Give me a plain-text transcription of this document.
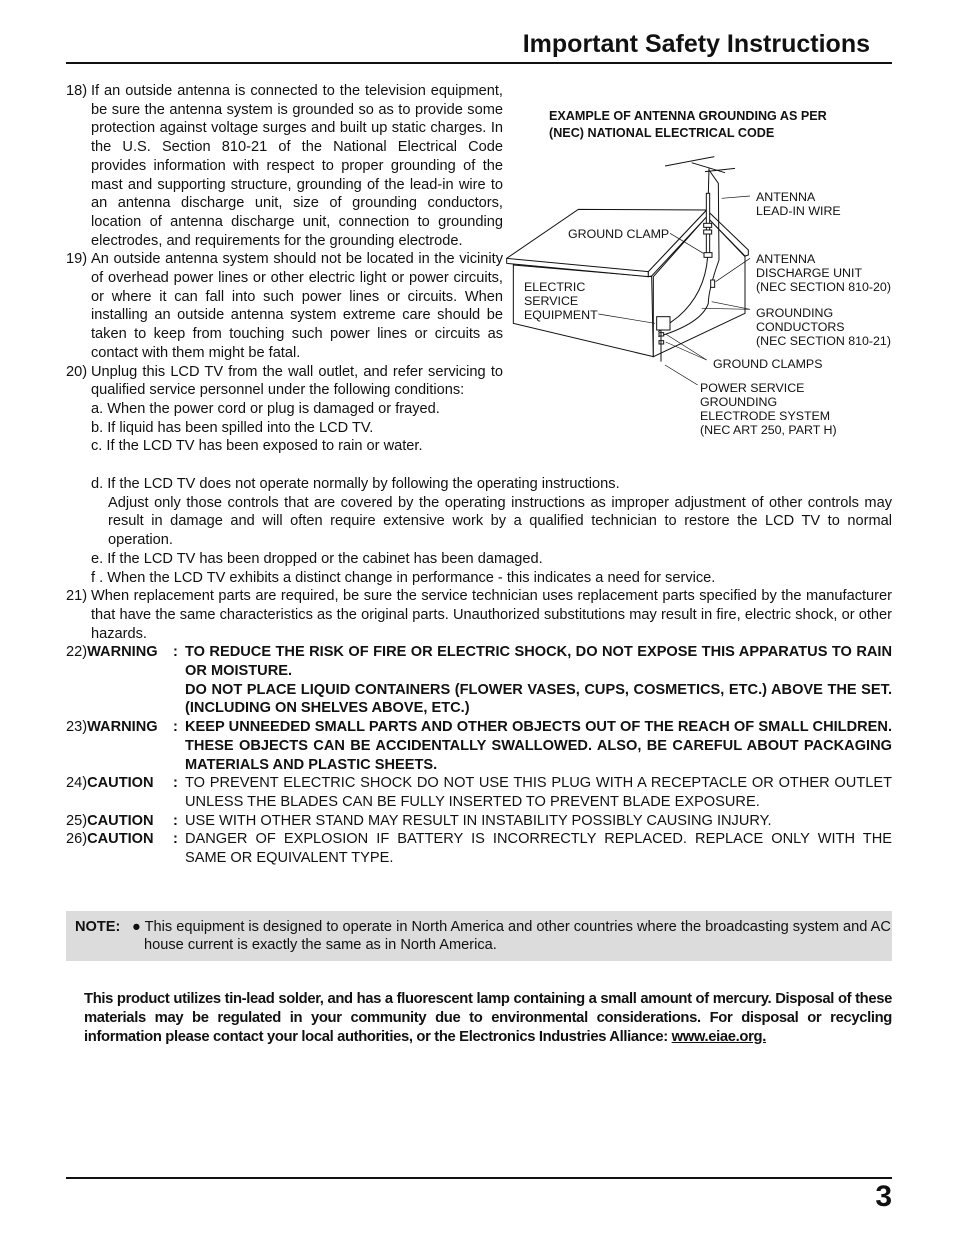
Important Safety Instructions
18) If an outside antenna is connected to the television equipment, be sure the antenna system is grounded so as to provide some protection against voltage surges and built up static charges. In the U.S. Section 810-21 of the National Electrical Code provides information with respect to proper grounding of the mast and supporting structure, grounding of the lead-in wire to an antenna discharge unit, size of grounding conductors, location of antenna discharge unit, connection to grounding electrodes, and requirements for the grounding electrode.
19) An outside antenna system should not be located in the vicinity of overhead power lines or other electric light or power circuits, or where it can fall into such power lines or circuits. When installing an outside antenna system extreme care should be taken to keep from touching such power lines or circuits as contact with them might be fatal.
20) Unplug this LCD TV from the wall outlet, and refer servicing to qualified service personnel under the following conditions:
a. When the power cord or plug is damaged or frayed.
b. If liquid has been spilled into the LCD TV.
c. If the LCD TV has been exposed to rain or water.
d. If the LCD TV does not operate normally by following the operating instructions.
Adjust only those controls that are covered by the operating instructions as improper adjustment of other controls may result in damage and will often require extensive work by a qualified technician to restore the LCD TV to normal operation.
e. If the LCD TV has been dropped or the cabinet has been damaged.
f . When the LCD TV exhibits a distinct change in performance - this indicates a need for service.
21) When replacement parts are required, be sure the service technician uses replacement parts specified by the manufacturer that have the same characteristics as the original parts. Unauthorized substitutions may result in fire, electric shock, or other hazards.
22)WARNING : TO REDUCE THE RISK OF FIRE OR ELECTRIC SHOCK, DO NOT EXPOSE THIS APPARATUS TO RAIN OR MOISTURE.
DO NOT PLACE LIQUID CONTAINERS (FLOWER VASES, CUPS, COSMETICS, ETC.) ABOVE THE SET. (INCLUDING ON SHELVES ABOVE, ETC.)
23)WARNING : KEEP UNNEEDED SMALL PARTS AND OTHER OBJECTS OUT OF THE REACH OF SMALL CHILDREN. THESE OBJECTS CAN BE ACCIDENTALLY SWALLOWED. ALSO, BE CAREFUL ABOUT PACKAGING MATERIALS AND PLASTIC SHEETS.
24)CAUTION : TO PREVENT ELECTRIC SHOCK DO NOT USE THIS PLUG WITH A RECEPTACLE OR OTHER OUTLET UNLESS THE BLADES CAN BE FULLY INSERTED TO PREVENT BLADE EXPOSURE.
25)CAUTION : USE WITH OTHER STAND MAY RESULT IN INSTABILITY POSSIBLY CAUSING INJURY.
26)CAUTION : DANGER OF EXPLOSION IF BATTERY IS INCORRECTLY REPLACED. REPLACE ONLY WITH THE SAME OR EQUIVALENT TYPE.
EXAMPLE OF ANTENNA GROUNDING AS PER
(NEC) NATIONAL ELECTRICAL CODE
ANTENNA
LEAD-IN WIRE
GROUND CLAMP
ANTENNA
DISCHARGE UNIT
(NEC SECTION 810-20)
ELECTRIC
SERVICE
EQUIPMENT	GROUNDING
CONDUCTORS
(NEC SECTION 810-21)
GROUND CLAMPS
POWER SERVICE
GROUNDING
ELECTRODE SYSTEM
(NEC ART 250, PART H)
NOTE: ● This equipment is designed to operate in North America and other countries where the broadcasting system and AC house current is exactly the same as in North America.
This product utilizes tin-lead solder, and has a fluorescent lamp containing a small amount of mercury. Disposal of these materials may be regulated in your community due to environmental considerations. For disposal or recycling information please contact your local authorities, or the Electronics Industries Alliance: www.eiae.org.
3
